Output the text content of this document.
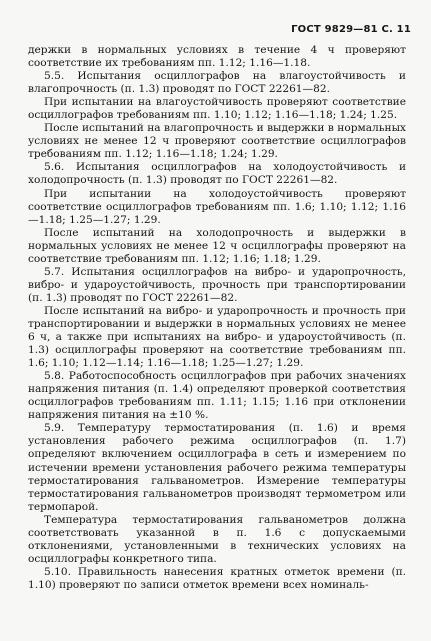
ГОСТ 9829—81 С. 11

держки в нормальных условиях в течение 4 ч проверяют соответствие их требованиям пп. 1.12; 1.16—1.18.

5.5. Испытания осциллографов на влагоустойчивость и влагопрочность (п. 1.3) проводят по ГОСТ 22261—82.

При испытании на влагоустойчивость проверяют соответствие осциллографов требованиям пп. 1.10; 1.12; 1.16—1.18; 1.24; 1.25.

После испытаний на влагопрочность и выдержки в нормальных условиях не менее 12 ч проверяют соответствие осциллографов требованиям пп. 1.12; 1.16—1.18; 1.24; 1.29.

5.6. Испытания осциллографов на холодоустойчивость и холодопрочность (п. 1.3) проводят по ГОСТ 22261—82.

При испытании на холодоустойчивость проверяют соответствие осциллографов требованиям пп. 1.6; 1.10; 1.12; 1.16—1.18; 1.25—1.27; 1.29.

После испытаний на холодопрочность и выдержки в нормальных условиях не менее 12 ч осциллографы проверяют на соответствие требованиям пп. 1.12; 1.16; 1.18; 1.29.

5.7. Испытания осциллографов на вибро- и ударопрочность, вибро- и удароустойчивость, прочность при транспортировании (п. 1.3) проводят по ГОСТ 22261—82.

После испытаний на вибро- и ударопрочность и прочность при транспортировании и выдержки в нормальных условиях не менее 6 ч, а также при испытаниях на вибро- и удароустойчивость (п. 1.3) осциллографы проверяют на соответствие требованиям пп. 1.6; 1.10; 1.12—1.14; 1.16—1.18; 1.25—1.27; 1.29.

5.8. Работоспособность осциллографов при рабочих значениях напряжения питания (п. 1.4) определяют проверкой соответствия осциллографов требованиям пп. 1.11; 1.15; 1.16 при отклонении напряжения питания на ±10 %.

5.9. Температуру термостатирования (п. 1.6) и время установления рабочего режима осциллографов (п. 1.7) определяют включением осциллографа в сеть и измерением по истечении времени установления рабочего режима температуры термостатирования гальванометров. Измерение температуры термостатирования гальванометров производят термометром или термопарой.

Температура термостатирования гальванометров должна соответствовать указанной в п. 1.6 с допускаемыми отклонениями, установленными в технических условиях на осциллографы конкретного типа.

5.10. Правильность нанесения кратных отметок времени (п. 1.10) проверяют по записи отметок времени всех номиналь-
